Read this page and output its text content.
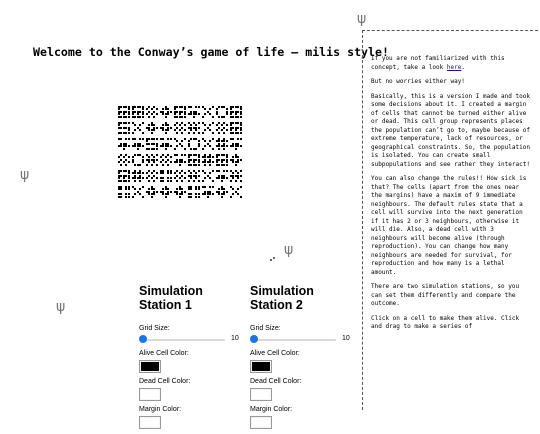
Welcome to the Conway’s game of life – milis style!
ψ
ψ
ψ
ψ
Simulation Station 1
Grid Size:
10
Alive Cell Color:
Dead Cell Color:
Margin Color:
Simulation Station 2
Grid Size:
10
Alive Cell Color:
Dead Cell Color:
Margin Color:

If you are not familiarized with this concept, take a look here.

But no worries either way!

Basically, this is a version I made and took some decisions about it. I created a margin of cells that cannot be turned either alive or dead. This cell group represents places the population can’t go to, maybe because of extreme temperature, lack of resources, or geographical constraints. So, the population is isolated. You can create small subpopulations and see rather they interact!

You can also change the rules!! How sick is that? The cells (apart from the ones near the margins) have a maxim of 9 immediate neighbours. The default rules state that a cell will survive into the next generation if it has 2 or 3 neighbours, otherwise it will die. Also, a dead cell with 3 neighbours will become alive (through reproduction). You can change how many neighbours are needed for survival, for reproduction and how many is a lethal amount.

There are two simulation stations, so you can set them differently and compare the outcome.

Click on a cell to make them alive. Click and drag to make a series of
